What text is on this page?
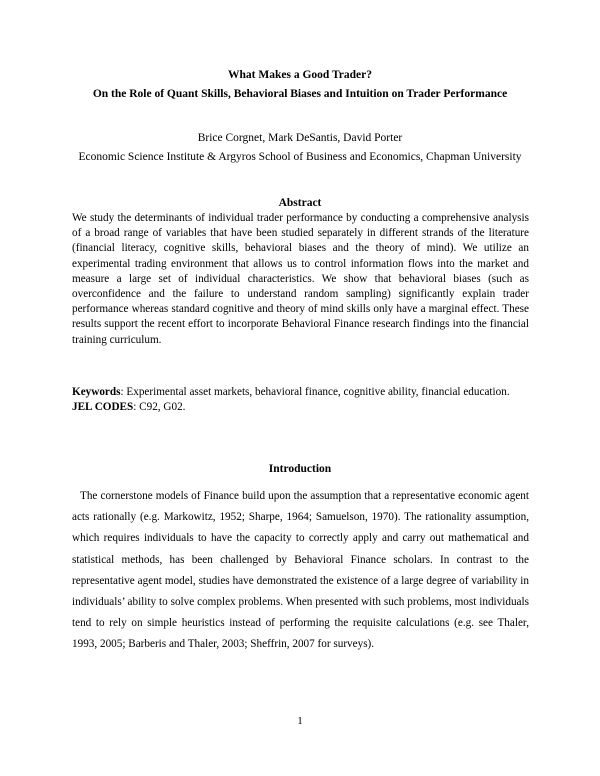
What Makes a Good Trader?
On the Role of Quant Skills, Behavioral Biases and Intuition on Trader Performance
Brice Corgnet, Mark DeSantis, David Porter
Economic Science Institute & Argyros School of Business and Economics, Chapman University
Abstract
We study the determinants of individual trader performance by conducting a comprehensive analysis of a broad range of variables that have been studied separately in different strands of the literature (financial literacy, cognitive skills, behavioral biases and the theory of mind). We utilize an experimental trading environment that allows us to control information flows into the market and measure a large set of individual characteristics. We show that behavioral biases (such as overconfidence and the failure to understand random sampling) significantly explain trader performance whereas standard cognitive and theory of mind skills only have a marginal effect. These results support the recent effort to incorporate Behavioral Finance research findings into the financial training curriculum.
Keywords: Experimental asset markets, behavioral finance, cognitive ability, financial education.
JEL CODES: C92, G02.
Introduction
The cornerstone models of Finance build upon the assumption that a representative economic agent acts rationally (e.g. Markowitz, 1952; Sharpe, 1964; Samuelson, 1970). The rationality assumption, which requires individuals to have the capacity to correctly apply and carry out mathematical and statistical methods, has been challenged by Behavioral Finance scholars. In contrast to the representative agent model, studies have demonstrated the existence of a large degree of variability in individuals’ ability to solve complex problems. When presented with such problems, most individuals tend to rely on simple heuristics instead of performing the requisite calculations (e.g. see Thaler, 1993, 2005; Barberis and Thaler, 2003; Sheffrin, 2007 for surveys).
1
